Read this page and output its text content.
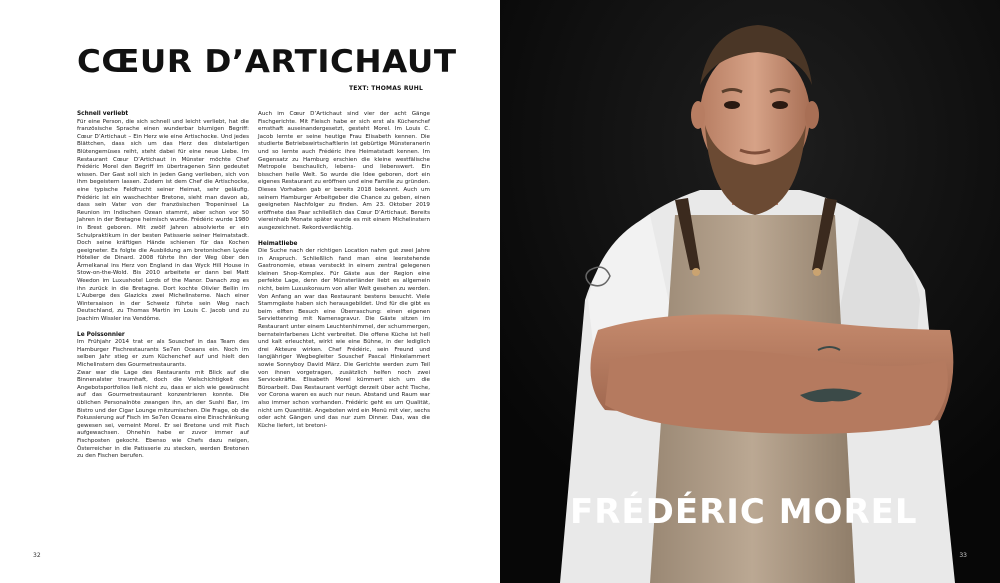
CŒUR D’ARTICHAUT
TEXT: THOMAS RUHL
Schnell verliebt

Für eine Person, die sich schnell und leicht verliebt, hat die französische Sprache einen wunderbar blumigen Begriff: Cœur D’Artichaut – Ein Herz wie eine Artischocke. Und jedes Blättchen, dass sich um das Herz des distelartigen Blütengemüses reiht, steht dabei für eine neue Liebe. Im Restaurant Cœur D’Artichaut in Münster möchte Chef Frédéric Morel den Begriff im übertragenen Sinn gedeutet wissen. Der Gast soll sich in jeden Gang verlieben, sich von ihm begeistern lassen. Zudem ist dem Chef die Artischocke, eine typische Feldfrucht seiner Heimat, sehr geläufig. Frédéric ist ein waschechter Bretone, sieht man davon ab, dass sein Vater von der französischen Tropeninsel La Reunion im Indischen Ozean stammt, aber schon vor 50 Jahren in der Bretagne heimisch wurde. Frédéric wurde 1980 in Brest geboren. Mit zwölf Jahren absolvierte er ein Schulpraktikum in der besten Patisserie seiner Heimatstadt. Doch seine kräftigen Hände schienen für das Kochen geeigneter. Es folgte die Ausbildung am bretonischen Lycée Hôtelier de Dinard. 2008 führte ihn der Weg über den Ärmelkanal ins Herz von England in das Wyck Hill House in Stow-on-the-Wold. Bis 2010 arbeitete er dann bei Matt Weedon im Luxushotel Lords of the Manor. Danach zog es ihn zurück in die Bretagne. Dort kochte Olivier Bellin im L’Auberge des Glazicks zwei Michelinsterne. Nach einer Wintersaison in der Schweiz führte sein Weg nach Deutschland, zu Thomas Martin im Louis C. Jacob und zu Joachim Wissler ins Vendôme.

Le Poissonnier

Im Frühjahr 2014 trat er als Souschef in das Team des Hamburger Fischrestaurants Se7en Oceans ein. Noch im selben Jahr stieg er zum Küchenchef auf und hielt den Michelinstern des Gourmetrestaurants.

Zwar war die Lage des Restaurants mit Blick auf die Binnenalster traumhaft, doch die Vielschichtigkeit des Angebotsportfolios ließ nicht zu, dass er sich wie gewünscht auf das Gourmetrestaurant konzentrieren konnte. Die üblichen Personalnöte zwangen ihn, an der Sushi Bar, im Bistro und der Cigar Lounge mitzumischen. Die Frage, ob die Fokussierung auf Fisch im Se7en Oceans eine Einschränkung gewesen sei, verneint Morel. Er sei Bretone und mit Fisch aufgewachsen. Ohnehin habe er zuvor immer auf Fischposten gekocht. Ebenso wie Chefs dazu neigen, Österreicher in die Patisserie zu stecken, werden Bretonen zu den Fischen berufen.

Auch im Cœur D’Artichaut sind vier der acht Gänge Fischgerichte. Mit Fleisch habe er sich erst als Küchenchef ernsthaft auseinandergesetzt, gesteht Morel. Im Louis C. Jacob lernte er seine heutige Frau Elisabeth kennen. Die studierte Betriebswirtschaftlerin ist gebürtige Münsteranerin und so lernte auch Frédéric ihre Heimatstadt kennen. Im Gegensatz zu Hamburg erschien die kleine westfälische Metropole beschaulich, lebens- und liebenswert. Ein bisschen heile Welt. So wurde die Idee geboren, dort ein eigenes Restaurant zu eröffnen und eine Familie zu gründen. Dieses Vorhaben gab er bereits 2018 bekannt. Auch um seinem Hamburger Arbeitgeber die Chance zu geben, einen geeigneten Nachfolger zu finden. Am 23. Oktober 2019 eröffnete das Paar schließlich das Cœur D’Artichaut. Bereits viereinhalb Monate später wurde es mit einem Michelinstern ausgezeichnet. Rekordverdächtig.

Heimatliebe

Die Suche nach der richtigen Location nahm gut zwei Jahre in Anspruch. Schließlich fand man eine leerstehende Gastronomie, etwas versteckt in einem zentral gelegenen kleinen Shop-Komplex. Für Gäste aus der Region eine perfekte Lage, denn der Münsterländer liebt es allgemein nicht, beim Luxuskonsum von aller Welt gesehen zu werden. Von Anfang an war das Restaurant bestens besucht. Viele Stammgäste haben sich herausgebildet. Und für die gibt es beim elften Besuch eine Überraschung: einen eigenen Serviettenring mit Namensgravur. Die Gäste sitzen im Restaurant unter einem Leuchtenhimmel, der schummergen, bernsteinfarbenes Licht verbreitet. Die offene Küche ist hell und kalt erleuchtet, wirkt wie eine Bühne, in der lediglich drei Akteure wirken. Chef Frédéric, sein Freund und langjähriger Wegbegleiter Souschef Pascal Hinkelammert sowie Sonnyboy David März. Die Gerichte werden zum Teil von ihnen vorgetragen, zusätzlich helfen noch zwei Servicekräfte. Elisabeth Morel kümmert sich um die Büroarbeit. Das Restaurant verfügt derzeit über acht Tische, vor Corona waren es auch nur neun. Abstand und Raum war also immer schon vorhanden. Frédéric geht es um Qualität, nicht um Quantität. Angeboten wird ein Menü mit vier, sechs oder acht Gängen und das nur zum Dinner. Das, was die Küche liefert, ist bretoni-

32
FRÉDÉRIC MOREL
33
